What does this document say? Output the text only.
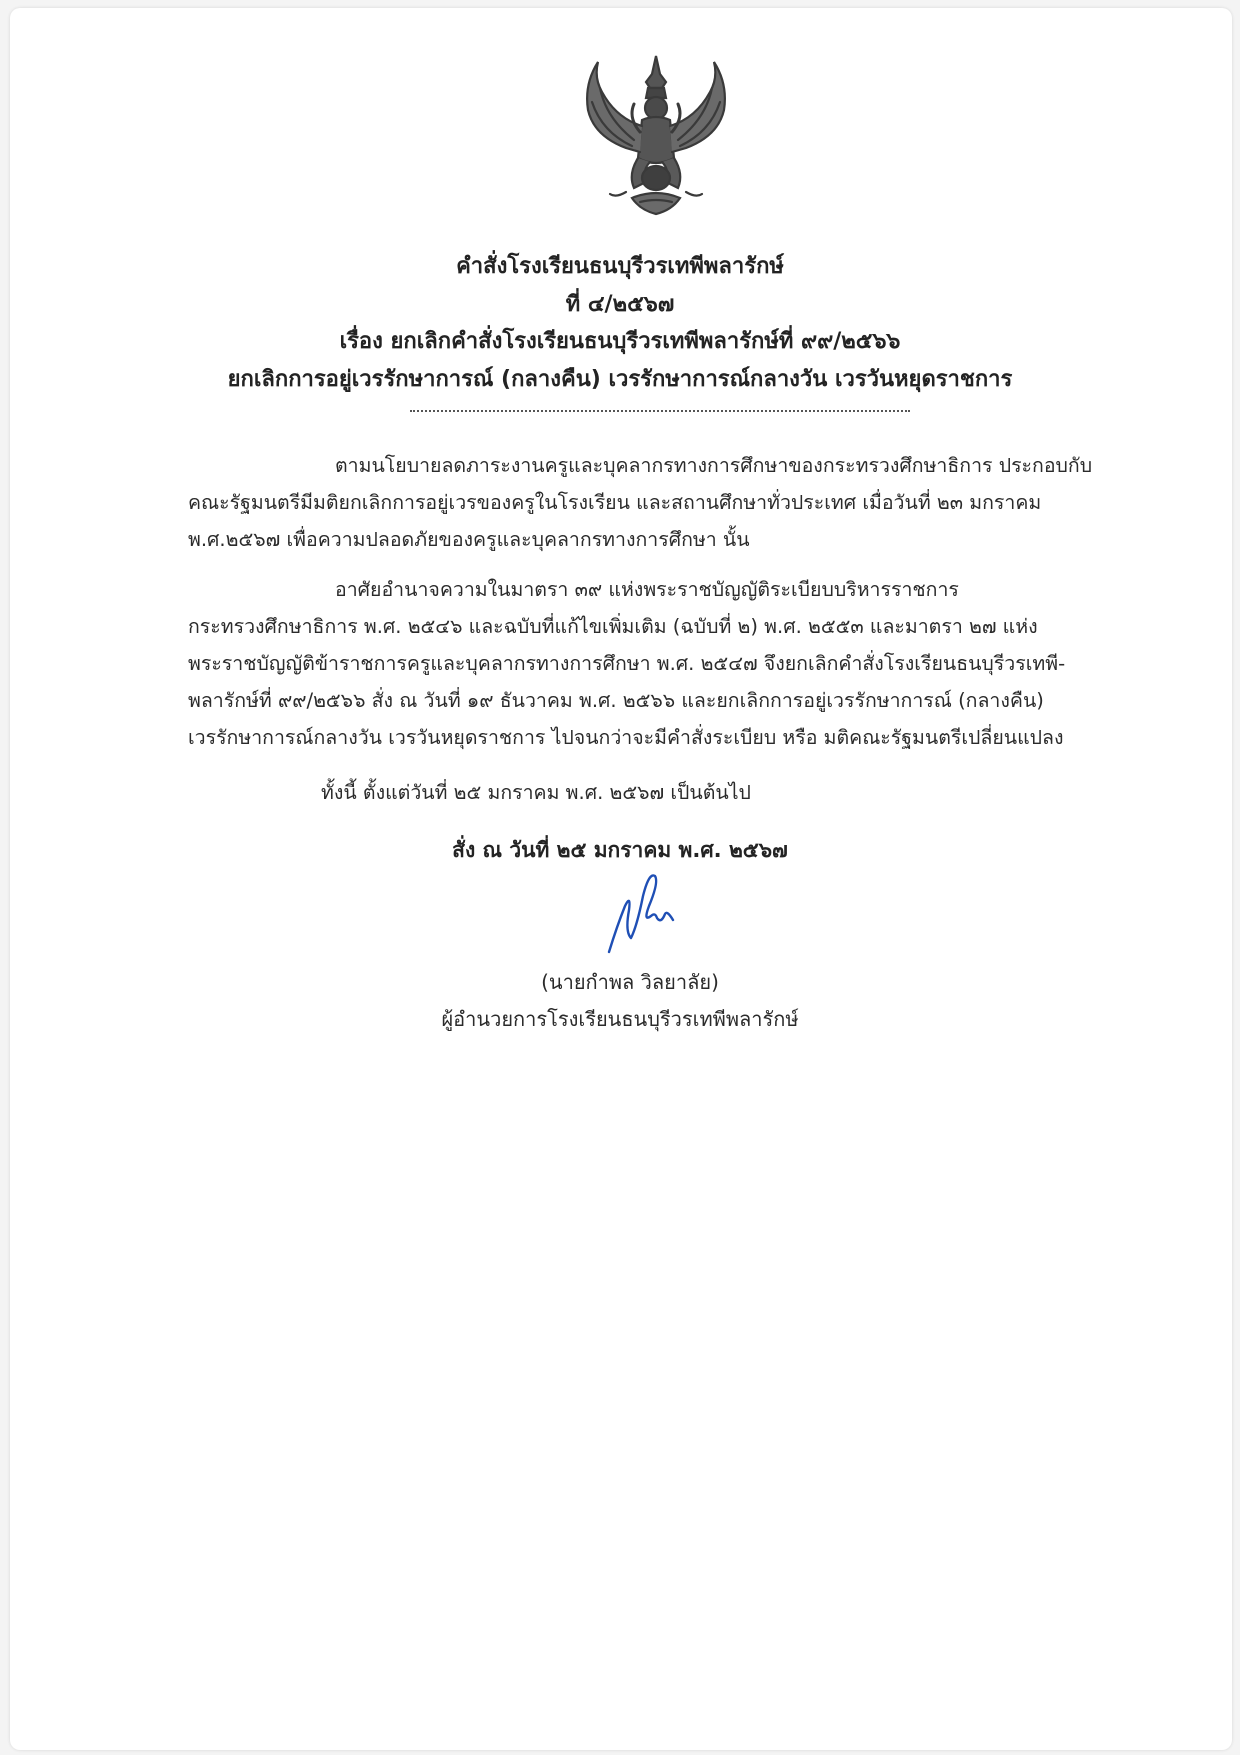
คำสั่งโรงเรียนธนบุรีวรเทพีพลารักษ์
ที่ ๔/๒๕๖๗
เรื่อง ยกเลิกคำสั่งโรงเรียนธนบุรีวรเทพีพลารักษ์ที่ ๙๙/๒๕๖๖
ยกเลิกการอยู่เวรรักษาการณ์ (กลางคืน) เวรรักษาการณ์กลางวัน เวรวันหยุดราชการ
ตามนโยบายลดภาระงานครูและบุคลากรทางการศึกษาของกระทรวงศึกษาธิการ ประกอบกับ
คณะรัฐมนตรีมีมติยกเลิกการอยู่เวรของครูในโรงเรียน และสถานศึกษาทั่วประเทศ เมื่อวันที่ ๒๓ มกราคม
พ.ศ.๒๕๖๗ เพื่อความปลอดภัยของครูและบุคลากรทางการศึกษา นั้น
อาศัยอำนาจความในมาตรา ๓๙ แห่งพระราชบัญญัติระเบียบบริหารราชการ
กระทรวงศึกษาธิการ พ.ศ. ๒๕๔๖ และฉบับที่แก้ไขเพิ่มเติม (ฉบับที่ ๒) พ.ศ. ๒๕๕๓ และมาตรา ๒๗ แห่ง
พระราชบัญญัติข้าราชการครูและบุคลากรทางการศึกษา พ.ศ. ๒๕๔๗ จึงยกเลิกคำสั่งโรงเรียนธนบุรีวรเทพี-
พลารักษ์ที่ ๙๙/๒๕๖๖ สั่ง ณ วันที่ ๑๙ ธันวาคม พ.ศ. ๒๕๖๖ และยกเลิกการอยู่เวรรักษาการณ์ (กลางคืน)
เวรรักษาการณ์กลางวัน เวรวันหยุดราชการ ไปจนกว่าจะมีคำสั่งระเบียบ หรือ มติคณะรัฐมนตรีเปลี่ยนแปลง
ทั้งนี้ ตั้งแต่วันที่ ๒๕ มกราคม พ.ศ. ๒๕๖๗ เป็นต้นไป
สั่ง ณ วันที่ ๒๕ มกราคม พ.ศ. ๒๕๖๗
(นายกำพล วิลยาลัย)
ผู้อำนวยการโรงเรียนธนบุรีวรเทพีพลารักษ์
